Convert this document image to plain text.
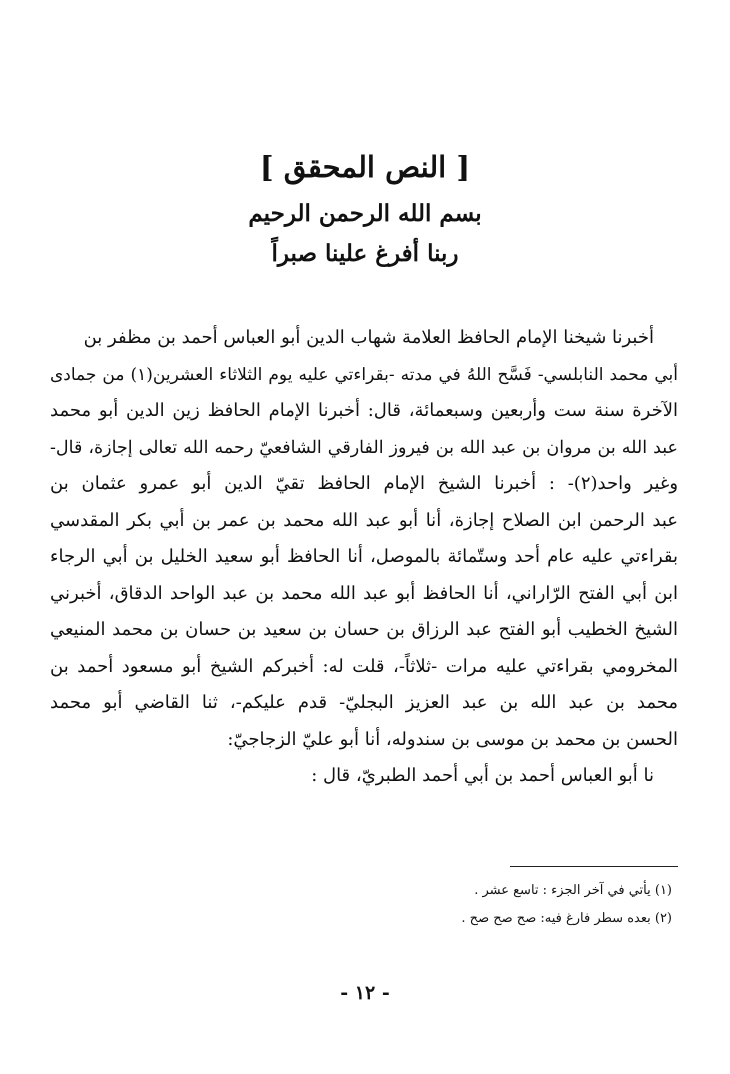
[ النص المحقق ]
بسم الله الرحمن الرحيم
ربنا أفرغ علينا صبراً
أخبرنا شيخنا الإمام الحافظ العلامة شهاب الدين أبو العباس أحمد بن مظفر بن
أبي محمد النابلسي- فَسَّح اللهُ في مدته -بقراءتي عليه يوم الثلاثاء العشرين(١) من جمادى
الآخرة سنة ست وأربعين وسبعمائة، قال: أخبرنا الإمام الحافظ زين الدين أبو محمد
عبد الله بن مروان بن عبد الله بن فيروز الفارقي الشافعيّ رحمه الله تعالى إجازة، قال-
وغير واحد(٢)- : أخبرنا الشيخ الإمام الحافظ تقيّ الدين أبو عمرو عثمان بن
عبد الرحمن ابن الصلاح إجازة، أنا أبو عبد الله محمد بن عمر بن أبي بكر المقدسي
بقراءتي عليه عام أحد وستّمائة بالموصل، أنا الحافظ أبو سعيد الخليل بن أبي الرجاء
ابن أبي الفتح الرّاراني، أنا الحافظ أبو عبد الله محمد بن عبد الواحد الدقاق، أخبرني
الشيخ الخطيب أبو الفتح عبد الرزاق بن حسان بن سعيد بن حسان بن محمد المنيعي
المخرومي بقراءتي عليه مرات -ثلاثاً-، قلت له: أخبركم الشيخ أبو مسعود أحمد بن
محمد بن عبد الله بن عبد العزيز البجليّ- قدم عليكم-، ثنا القاضي أبو محمد
الحسن بن محمد بن موسى بن سندوله، أنا أبو عليّ الزجاجيّ:
نا أبو العباس أحمد بن أبي أحمد الطبريّ، قال :
(١) يأتي في آخر الجزء : تاسع عشر .
(٢) بعده سطر فارغ فيه: صح صح صح .
- ١٢ -
